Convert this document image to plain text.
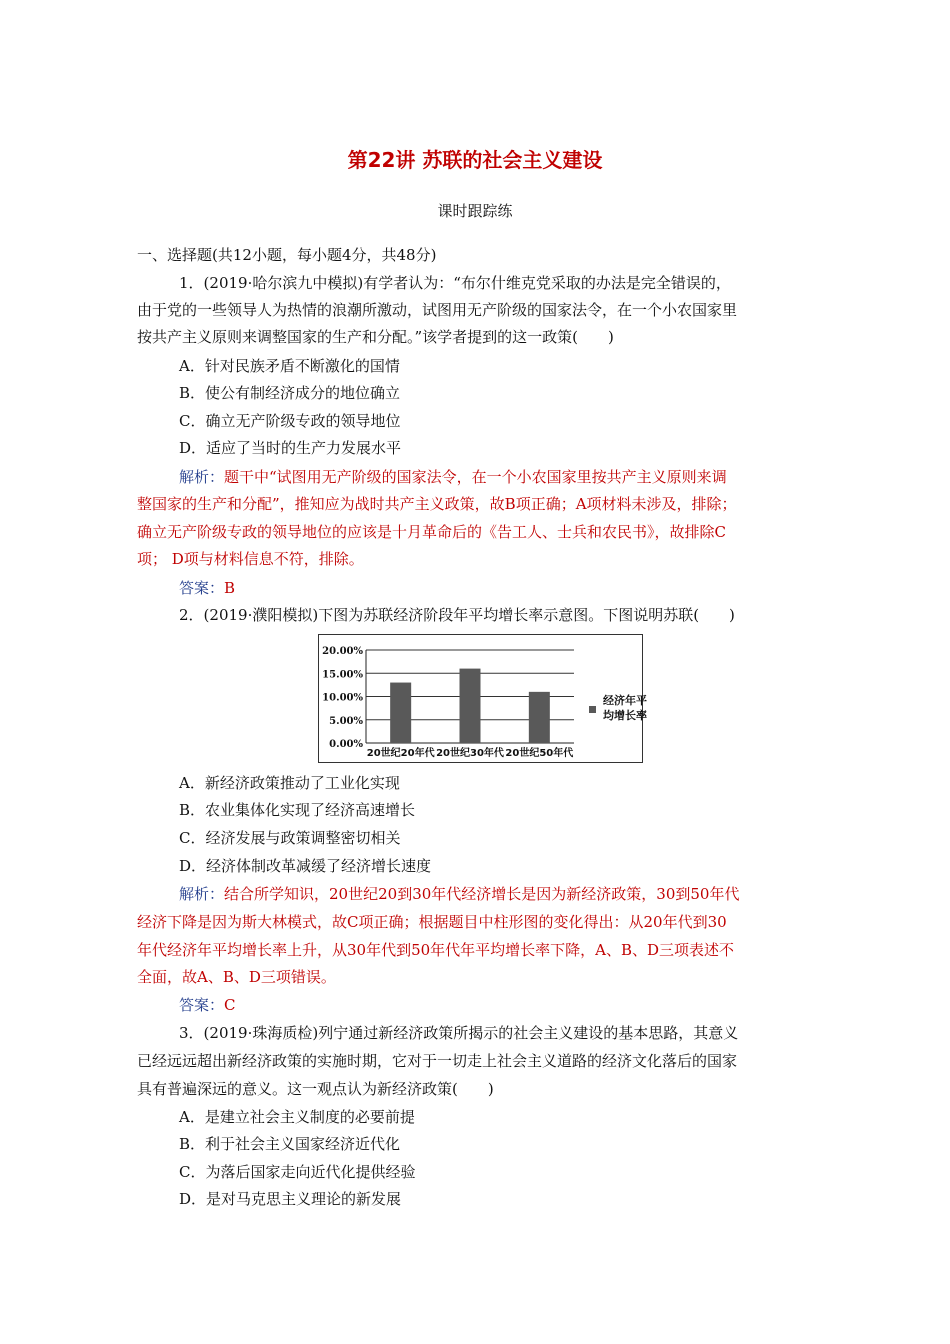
第22讲 苏联的社会主义建设
课时跟踪练
一、选择题(共12小题，每小题4分，共48分)
1．(2019·哈尔滨九中模拟)有学者认为：“布尔什维克党采取的办法是完全错误的，
由于党的一些领导人为热情的浪潮所激动，试图用无产阶级的国家法令，在一个小农国家里
按共产主义原则来调整国家的生产和分配。”该学者提到的这一政策(　　)
A．针对民族矛盾不断激化的国情
B．使公有制经济成分的地位确立
C．确立无产阶级专政的领导地位
D．适应了当时的生产力发展水平
解析：题干中“试图用无产阶级的国家法令，在一个小农国家里按共产主义原则来调
整国家的生产和分配”，推知应为战时共产主义政策，故B项正确；A项材料未涉及，排除；
确立无产阶级专政的领导地位的应该是十月革命后的《告工人、士兵和农民书》，故排除C
项； D项与材料信息不符，排除。
答案：B
2．(2019·濮阳模拟)下图为苏联经济阶段年平均增长率示意图。下图说明苏联(　　)
0.00%
5.00%
10.00%
15.00%
20.00%
20世纪20年代 20世纪30年代 20世纪50年代
经济年平
均增长率
A．新经济政策推动了工业化实现
B．农业集体化实现了经济高速增长
C．经济发展与政策调整密切相关
D．经济体制改革减缓了经济增长速度
解析：结合所学知识，20世纪20到30年代经济增长是因为新经济政策，30到50年代
经济下降是因为斯大林模式，故C项正确；根据题目中柱形图的变化得出：从20年代到30
年代经济年平均增长率上升，从30年代到50年代年平均增长率下降，A、B、D三项表述不
全面，故A、B、D三项错误。
答案：C
3．(2019·珠海质检)列宁通过新经济政策所揭示的社会主义建设的基本思路，其意义
已经远远超出新经济政策的实施时期，它对于一切走上社会主义道路的经济文化落后的国家
具有普遍深远的意义。这一观点认为新经济政策(　　)
A．是建立社会主义制度的必要前提
B．利于社会主义国家经济近代化
C．为落后国家走向近代化提供经验
D．是对马克思主义理论的新发展
